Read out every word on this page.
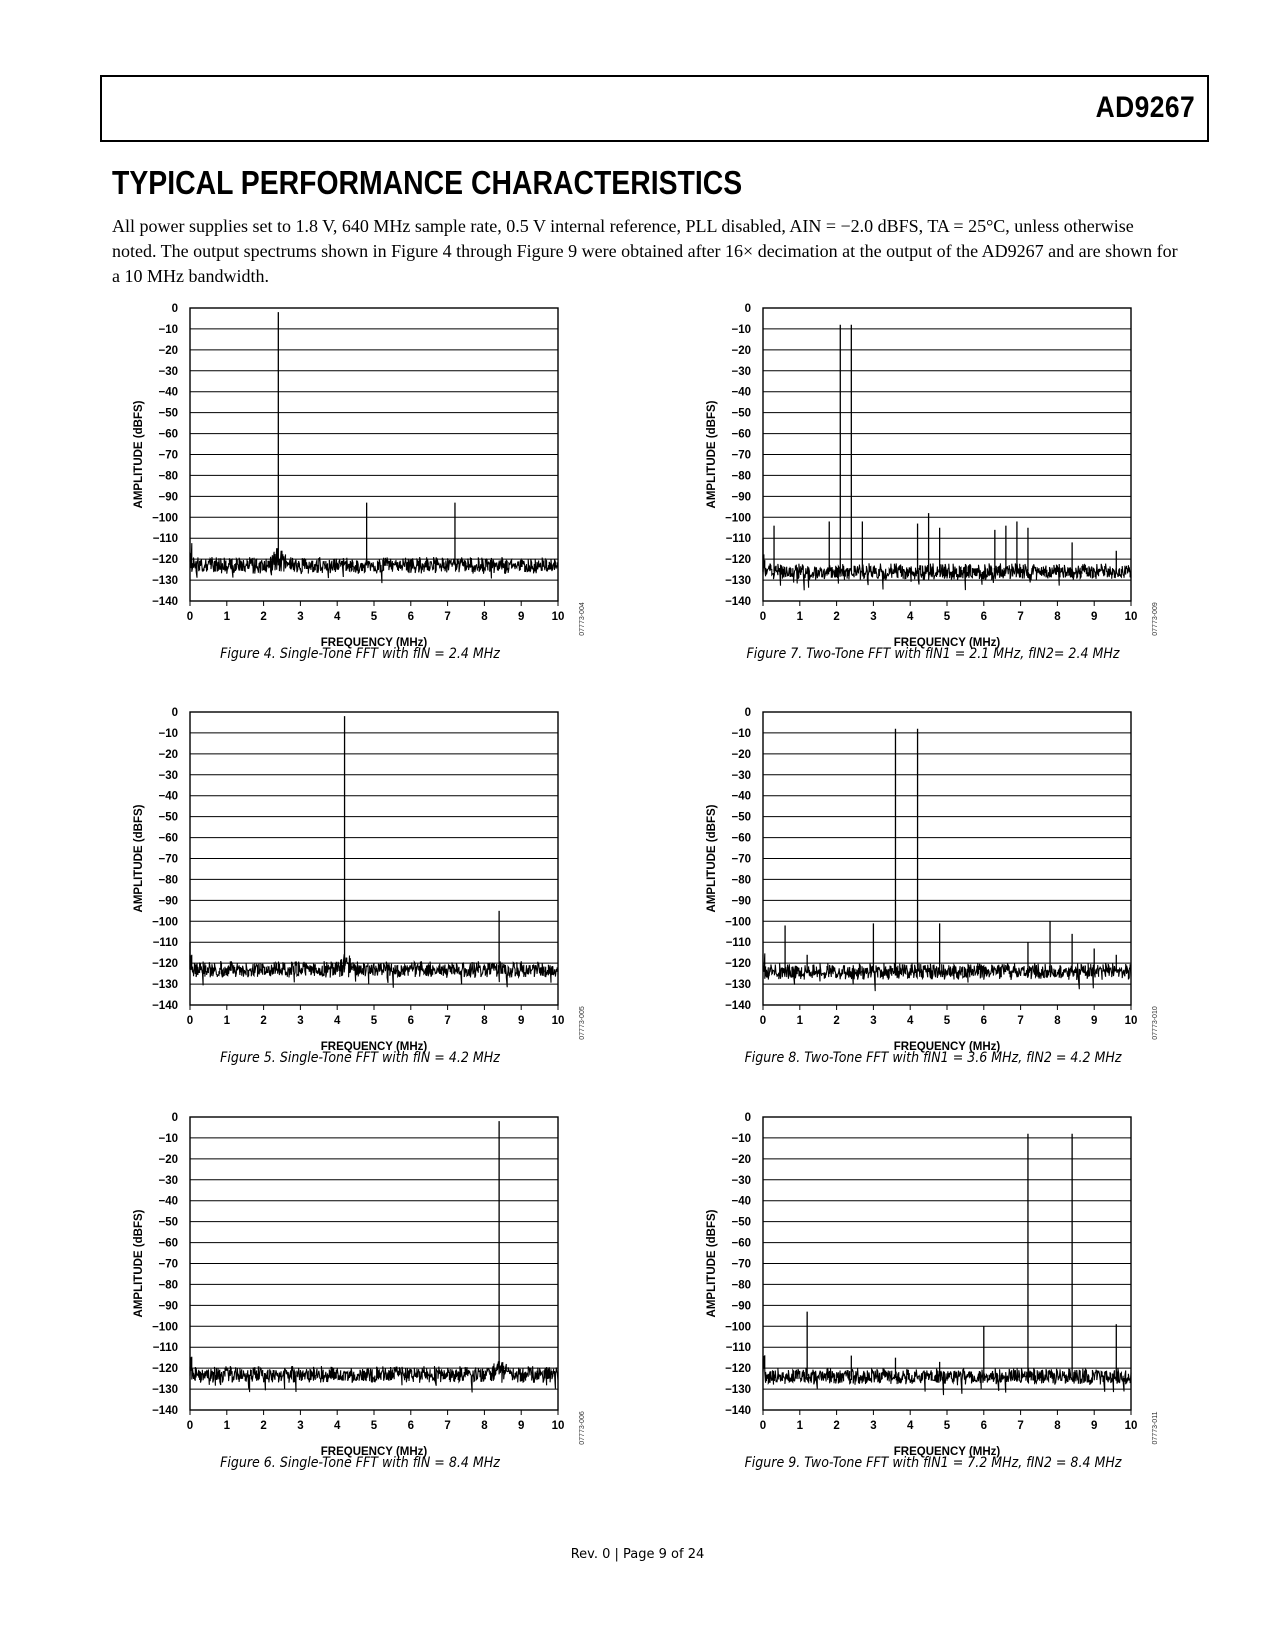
AD9267
TYPICAL PERFORMANCE CHARACTERISTICS
All power supplies set to 1.8 V, 640 MHz sample rate, 0.5 V internal reference, PLL disabled, AIN = −2.0 dBFS, TA = 25°C, unless otherwise noted. The output spectrums shown in Figure 4 through Figure 9 were obtained after 16× decimation at the output of the AD9267 and are shown for a 10 MHz bandwidth.
0
−10
−20
−30
−40
−50
−60
−70
−80
−90
−100
−110
−120
−130
−140
0	1	2	3	4	5	6	7	8	9 10
FREQUENCY (MHz)
AMPLITUDE (dBFS)
07773-004
Figure 4. Single-Tone FFT with fIN = 2.4 MHz
0
−10
−20
−30
−40
−50
−60
−70
−80
−90
−100
−110
−120
−130
−140
0	1	2	3	4	5	6	7	8	9 10
FREQUENCY (MHz)
AMPLITUDE (dBFS)
07773-005
Figure 5. Single-Tone FFT with fIN = 4.2 MHz
0
−10
−20
−30
−40
−50
−60
−70
−80
−90
−100
−110
−120
−130
−140
0	1	2	3	4	5	6	7	8	9 10
FREQUENCY (MHz)
AMPLITUDE (dBFS)
07773-006
Figure 6. Single-Tone FFT with fIN = 8.4 MHz
0
−10
−20
−30
−40
−50
−60
−70
−80
−90
−100
−110
−120
−130
−140
0	1	2	3	4	5	6	7	8	9 10
FREQUENCY (MHz)
AMPLITUDE (dBFS)
07773-009
Figure 7. Two-Tone FFT with fIN1 = 2.1 MHz, fIN2= 2.4 MHz
0
−10
−20
−30
−40
−50
−60
−70
−80
−90
−100
−110
−120
−130
−140
0	1	2	3	4	5	6	7	8	9 10
FREQUENCY (MHz)
AMPLITUDE (dBFS)
07773-010
Figure 8. Two-Tone FFT with fIN1 = 3.6 MHz, fIN2 = 4.2 MHz
0
−10
−20
−30
−40
−50
−60
−70
−80
−90
−100
−110
−120
−130
−140
0	1	2	3	4	5	6	7	8	9 10
FREQUENCY (MHz)
AMPLITUDE (dBFS)
07773-011
Figure 9. Two-Tone FFT with fIN1 = 7.2 MHz, fIN2 = 8.4 MHz
Rev. 0 | Page 9 of 24
